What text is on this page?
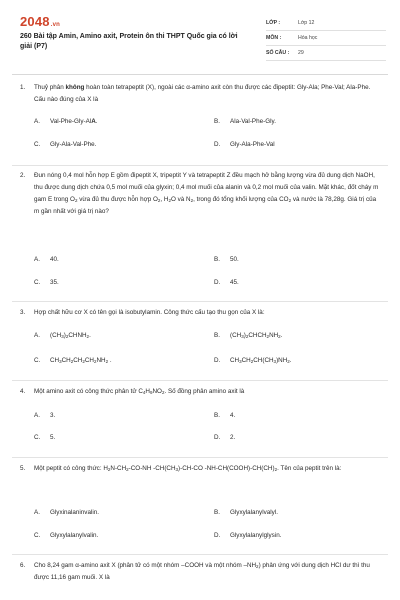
2048.vn
260 Bài tập Amin, Amino axit, Protein ôn thi THPT Quốc gia có lời giải (P7)
LỚP :	Lớp 12
MÔN :	Hóa học
SỐ CÂU : 29
1. Thuỷ phân không hoàn toàn tetrapeptit (X), ngoài các α-amino axit còn thu được các đipeptit: Gly-Ala; Phe-Val; Ala-Phe. Cấu nào đúng của X là
A. Val-Phe-Gly-AlA.	B. Ala-Val-Phe-Gly.
C. Gly-Ala-Val-Phe.	D. Gly-Ala-Phe-Val
2. Đun nóng 0,4 mol hỗn hợp E gồm đipeptit X, tripeptit Y và tetrapeptit Z đều mạch hở bằng lượng vừa đủ dung dịch NaOH, thu được dung dịch chứa 0,5 mol muối của glyxin; 0,4 mol muối của alanin và 0,2 mol muối của valin. Mặt khác, đốt cháy m gam E trong $O_2$ vừa đủ thu được hỗn hợp $O_2$, $H_2O$ và $N_2$, trong đó tổng khối lượng của $CO_2$ và nước là 78,28g. Giá trị của m gần nhất với giá trị nào?
A. 40.	B. 50.
C. 35.	D. 45.
3. Hợp chất hữu cơ X có tên gọi là isobutylamin. Công thức cấu tạo thu gọn của X là:
A. $(CH_3)_2CHNH_2$.	B. $(CH_3)_2CHCH_2NH_2$.
C. $CH_3CH_2CH_2CH_2NH_2$ .	D. $CH_3CH_2CH(CH_3)NH_2$.
4. Một amino axit có công thức phân tử $C_4H_9NO_2$. Số đồng phân amino axit là
A. 3.	B. 4.
C. 5.	D. 2.
5. Một peptit có công thức: $H_2N-CH_2-CO-NH$ $-CH(CH_3)-CH-CO$ $-NH-CH(COOH)-CH(CH)_2$. Tên của peptit trên là:
A. Glyxinalaninvalin.	B. Glyxylalanylvalyl.
C. Glyxylalanylvalin.	D. Glyxylalanylglysin.
6. Cho 8,24 gam α-amino axit X (phân tử có một nhóm –COOH và một nhóm $-NH_2$) phản ứng với dung dịch HCl dư thì thu được 11,16 gam muối. X là
